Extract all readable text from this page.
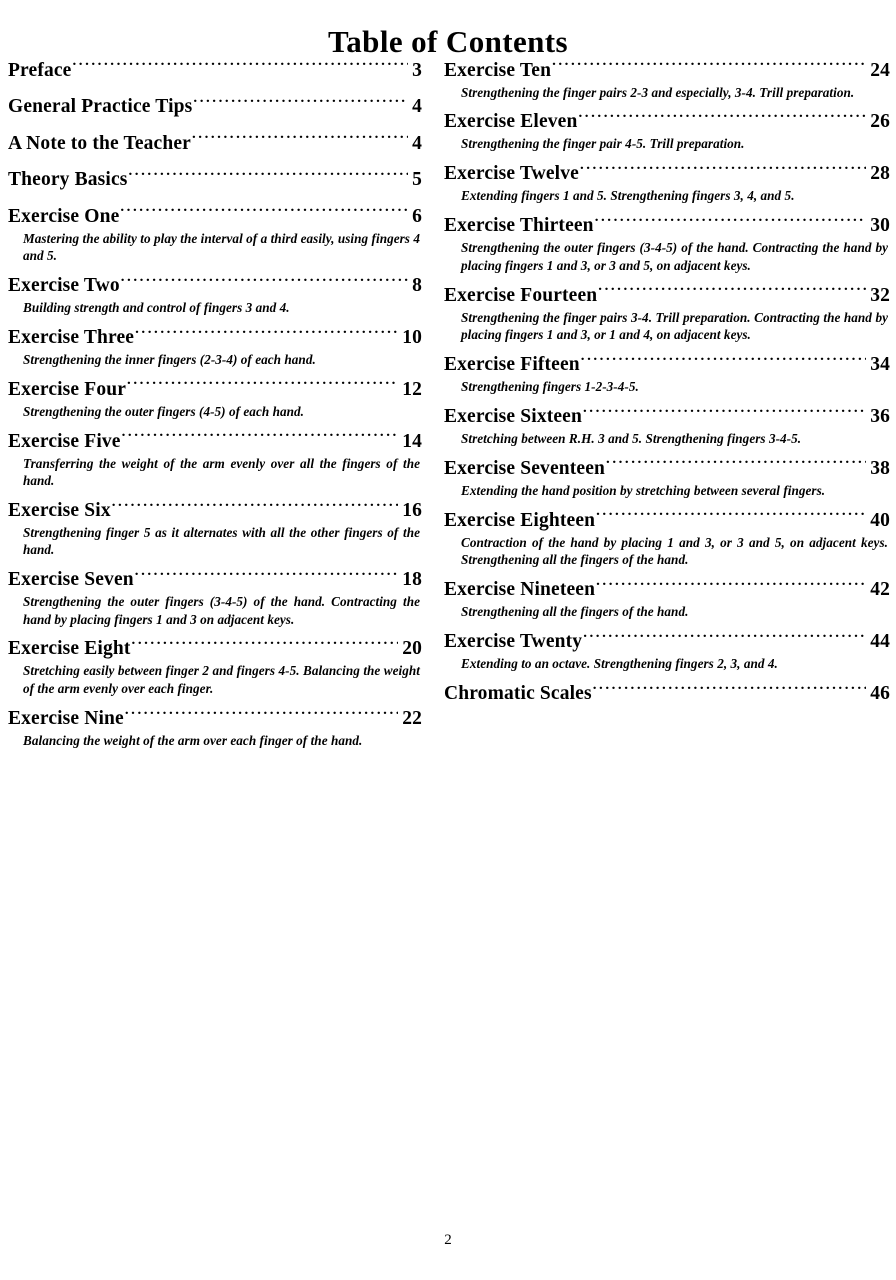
Table of Contents
Preface . . .	3
General Practice Tips . . .	4
A Note to the Teacher . . .	4
Theory Basics . . .	5
Exercise One . . .	6

Mastering the ability to play the interval of a third easily, using fingers 4 and 5.

Exercise Two . . .	8

Building strength and control of fingers 3 and 4.

Exercise Three . . .	10

Strengthening the inner fingers (2-3-4) of each hand.

Exercise Four . . .	12

Strengthening the outer fingers (4-5) of each hand.

Exercise Five . . .	14

Transferring the weight of the arm evenly over all the fingers of the hand.

Exercise Six . . .	16

Strengthening finger 5 as it alternates with all the other fingers of the hand.

Exercise Seven . . .	18

Strengthening the outer fingers (3-4-5) of the hand. Contracting the hand by placing fingers 1 and 3 on adjacent keys.

Exercise Eight . . .	20

Stretching easily between finger 2 and fingers 4-5. Balancing the weight of the arm evenly over each finger.

Exercise Nine . . .	22

Balancing the weight of the arm over each finger of the hand.

Exercise Ten . . .	24

Strengthening the finger pairs 2-3 and especially, 3-4. Trill preparation.

Exercise Eleven . . .	26

Strengthening the finger pair 4-5. Trill preparation.

Exercise Twelve . . .	28

Extending fingers 1 and 5. Strengthening fingers 3, 4, and 5.

Exercise Thirteen . . .	30

Strengthening the outer fingers (3-4-5) of the hand. Contracting the hand by placing fingers 1 and 3, or 3 and 5, on adjacent keys.

Exercise Fourteen . . .	32

Strengthening the finger pairs 3-4. Trill preparation. Contracting the hand by placing fingers 1 and 3, or 1 and 4, on adjacent keys.

Exercise Fifteen . . .	34

Strengthening fingers 1-2-3-4-5.

Exercise Sixteen . . .	36

Stretching between R.H. 3 and 5. Strengthening fingers 3-4-5.

Exercise Seventeen . . .	38

Extending the hand position by stretching between several fingers.

Exercise Eighteen . . .	40

Contraction of the hand by placing 1 and 3, or 3 and 5, on adjacent keys. Strengthening all the fingers of the hand.

Exercise Nineteen . . .	42

Strengthening all the fingers of the hand.

Exercise Twenty . . .	44

Extending to an octave. Strengthening fingers 2, 3, and 4.

Chromatic Scales . . .	46
2
